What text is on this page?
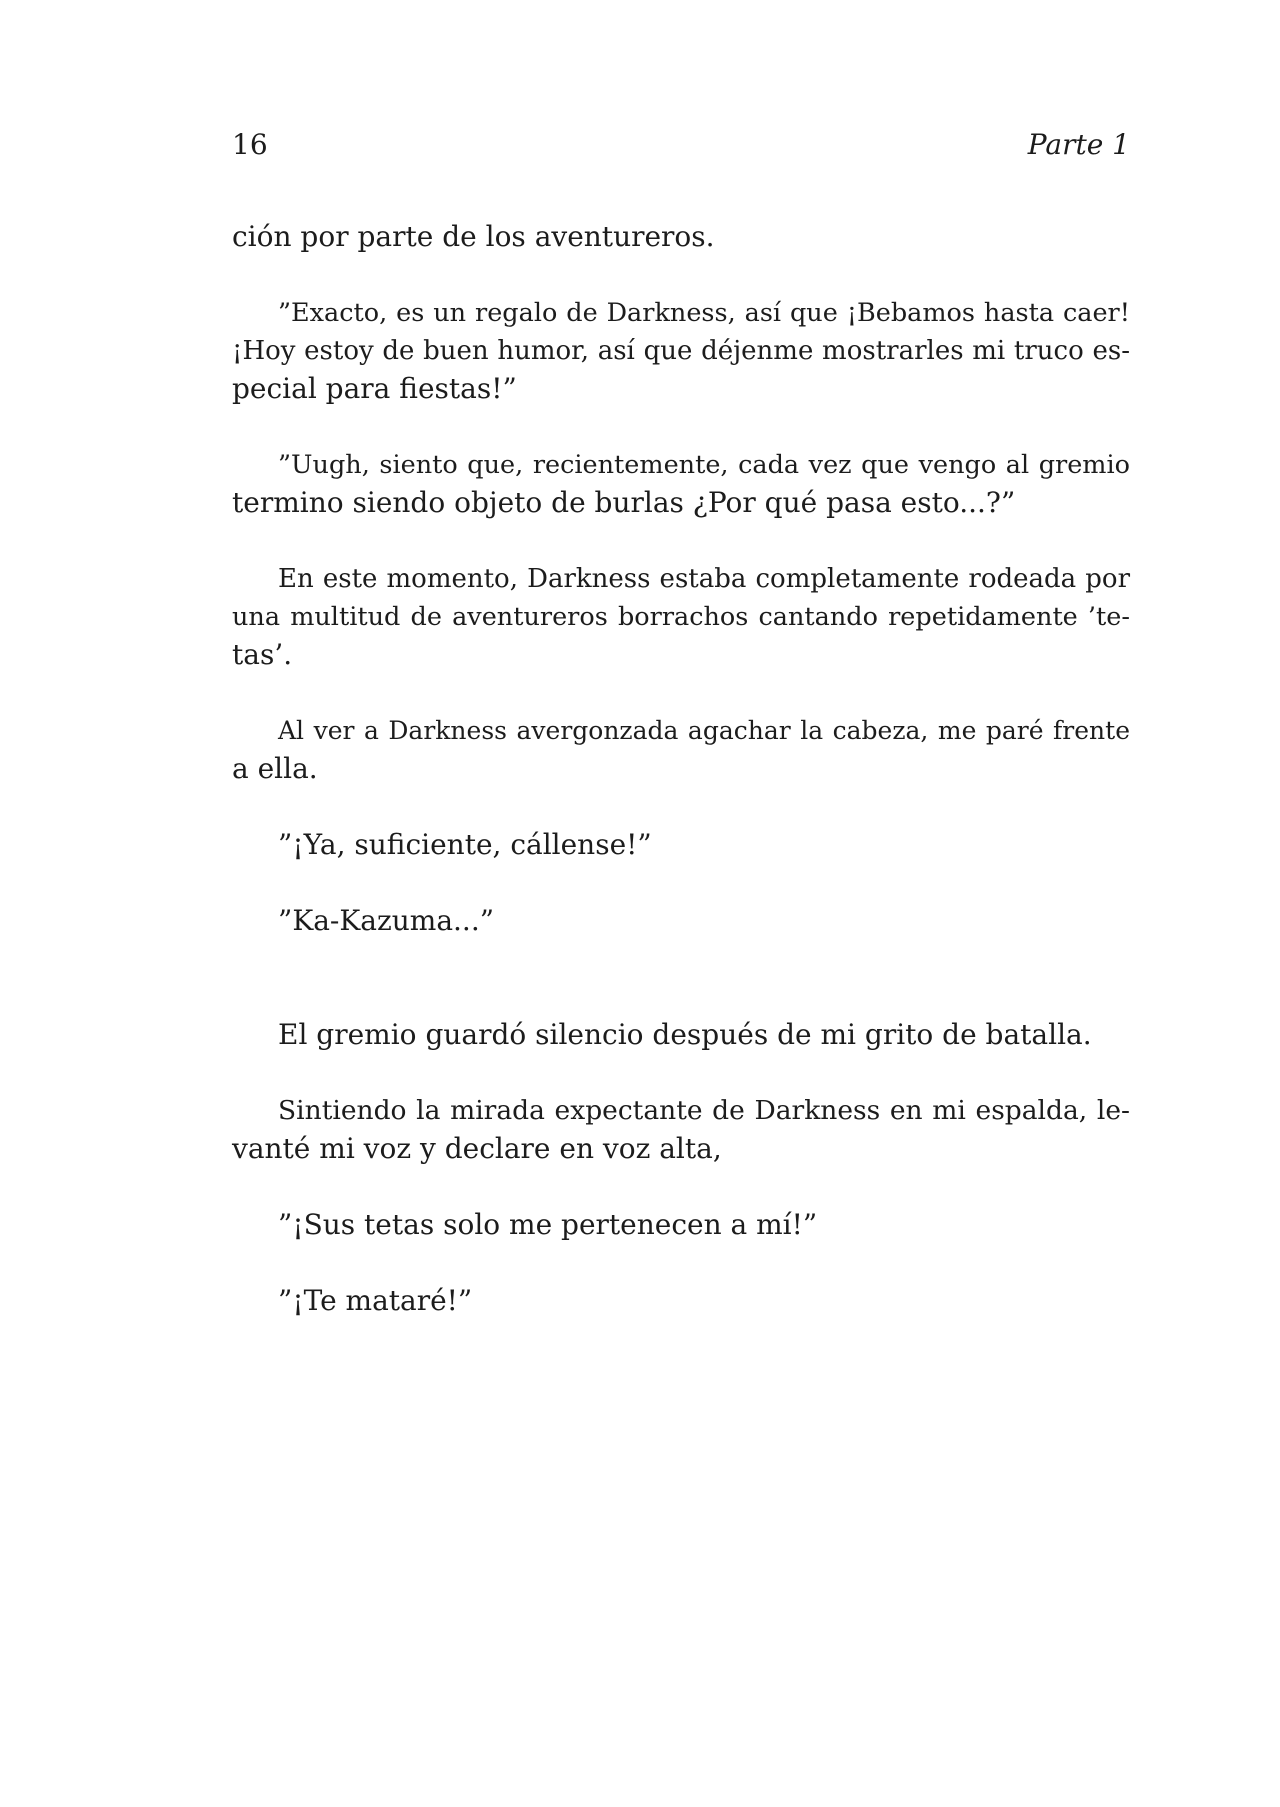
16	Parte 1
ción por parte de los aventureros.
”Exacto, es un regalo de Darkness, así que ¡Bebamos hasta caer!
¡Hoy estoy de buen humor, así que déjenme mostrarles mi truco es-
pecial para fiestas!”
”Uugh, siento que, recientemente, cada vez que vengo al gremio
termino siendo objeto de burlas ¿Por qué pasa esto...?”
En este momento, Darkness estaba completamente rodeada por
una multitud de aventureros borrachos cantando repetidamente ’te-
tas’.
Al ver a Darkness avergonzada agachar la cabeza, me paré frente
a ella.
”¡Ya, suficiente, cállense!”
”Ka-Kazuma...”
El gremio guardó silencio después de mi grito de batalla.
Sintiendo la mirada expectante de Darkness en mi espalda, le-
vanté mi voz y declare en voz alta,
”¡Sus tetas solo me pertenecen a mí!”
”¡Te mataré!”
